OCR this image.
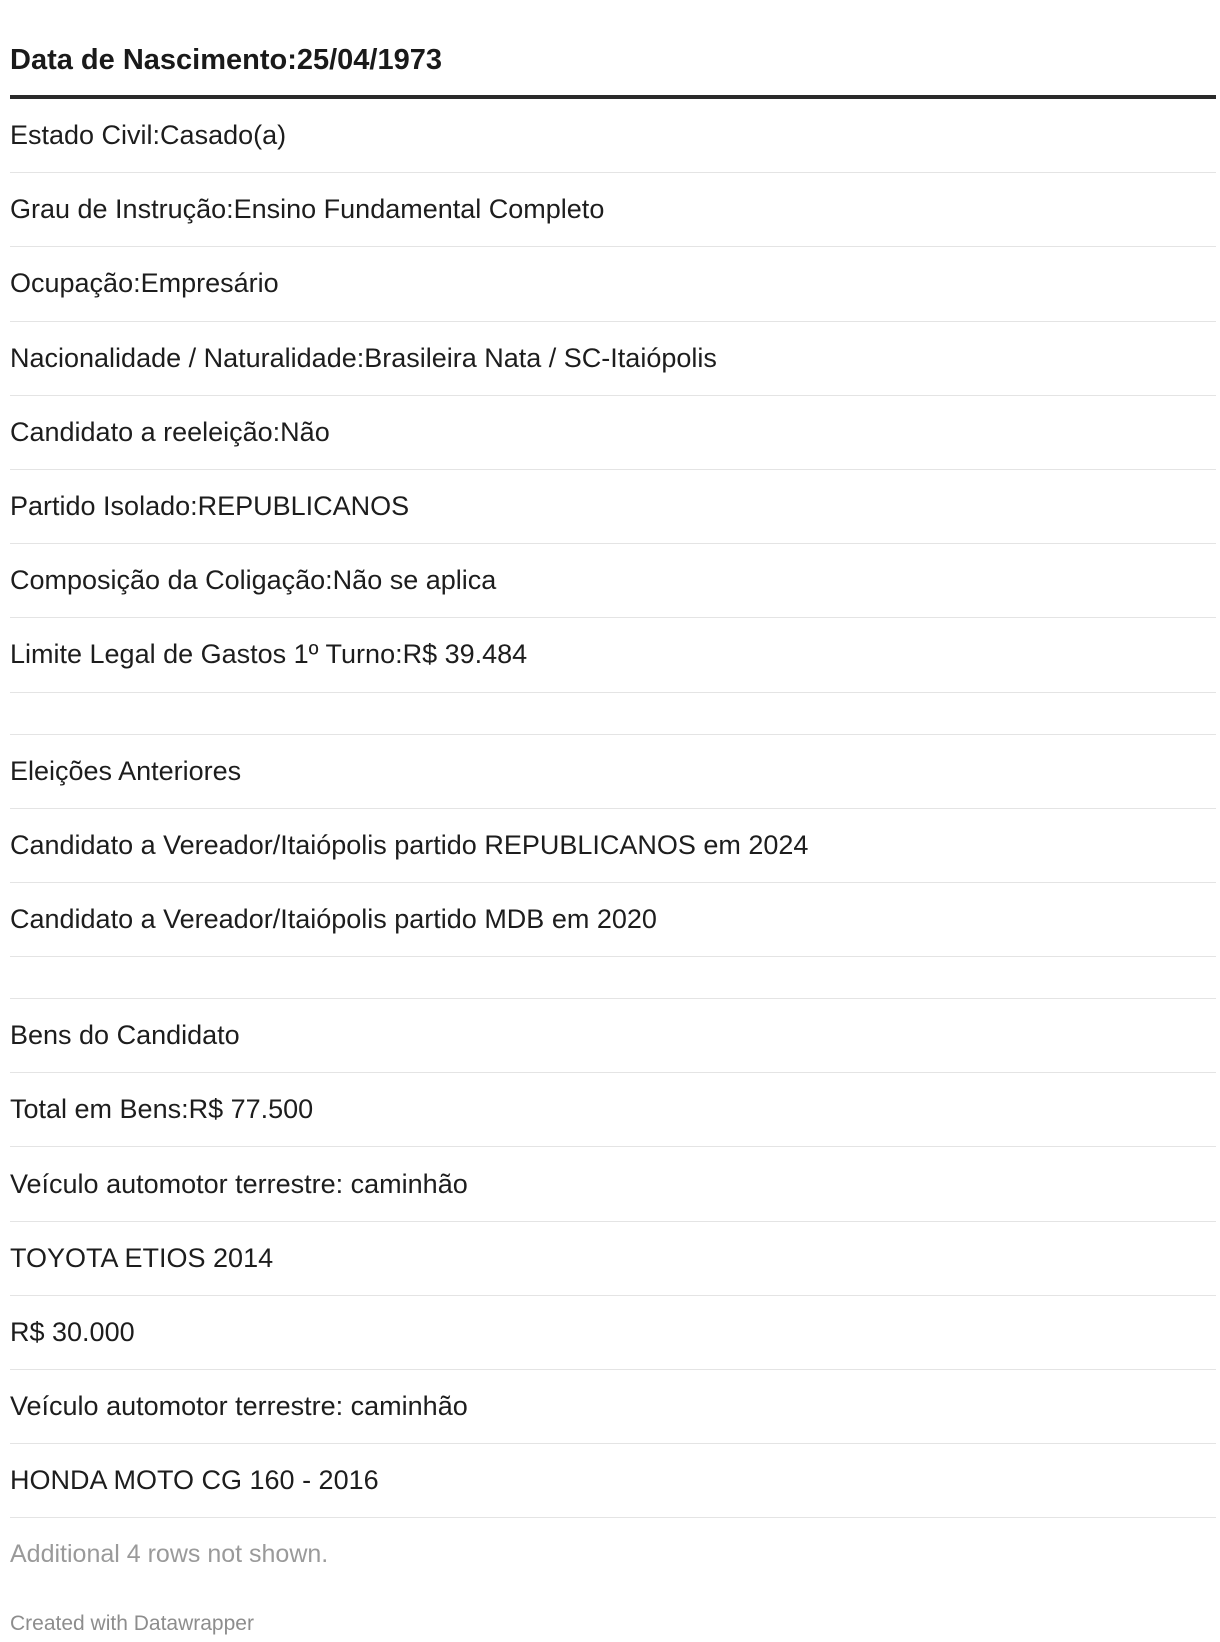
Data de Nascimento:25/04/1973
Estado Civil:Casado(a)
Grau de Instrução:Ensino Fundamental Completo
Ocupação:Empresário
Nacionalidade / Naturalidade:Brasileira Nata / SC-Itaiópolis
Candidato a reeleição:Não
Partido Isolado:REPUBLICANOS
Composição da Coligação:Não se aplica
Limite Legal de Gastos 1º Turno:R$ 39.484
Eleições Anteriores
Candidato a Vereador/Itaiópolis partido REPUBLICANOS em 2024
Candidato a Vereador/Itaiópolis partido MDB em 2020
Bens do Candidato
Total em Bens:R$ 77.500
Veículo automotor terrestre: caminhão
TOYOTA ETIOS 2014
R$ 30.000
Veículo automotor terrestre: caminhão
HONDA MOTO CG 160 - 2016
Additional 4 rows not shown.
Created with Datawrapper
